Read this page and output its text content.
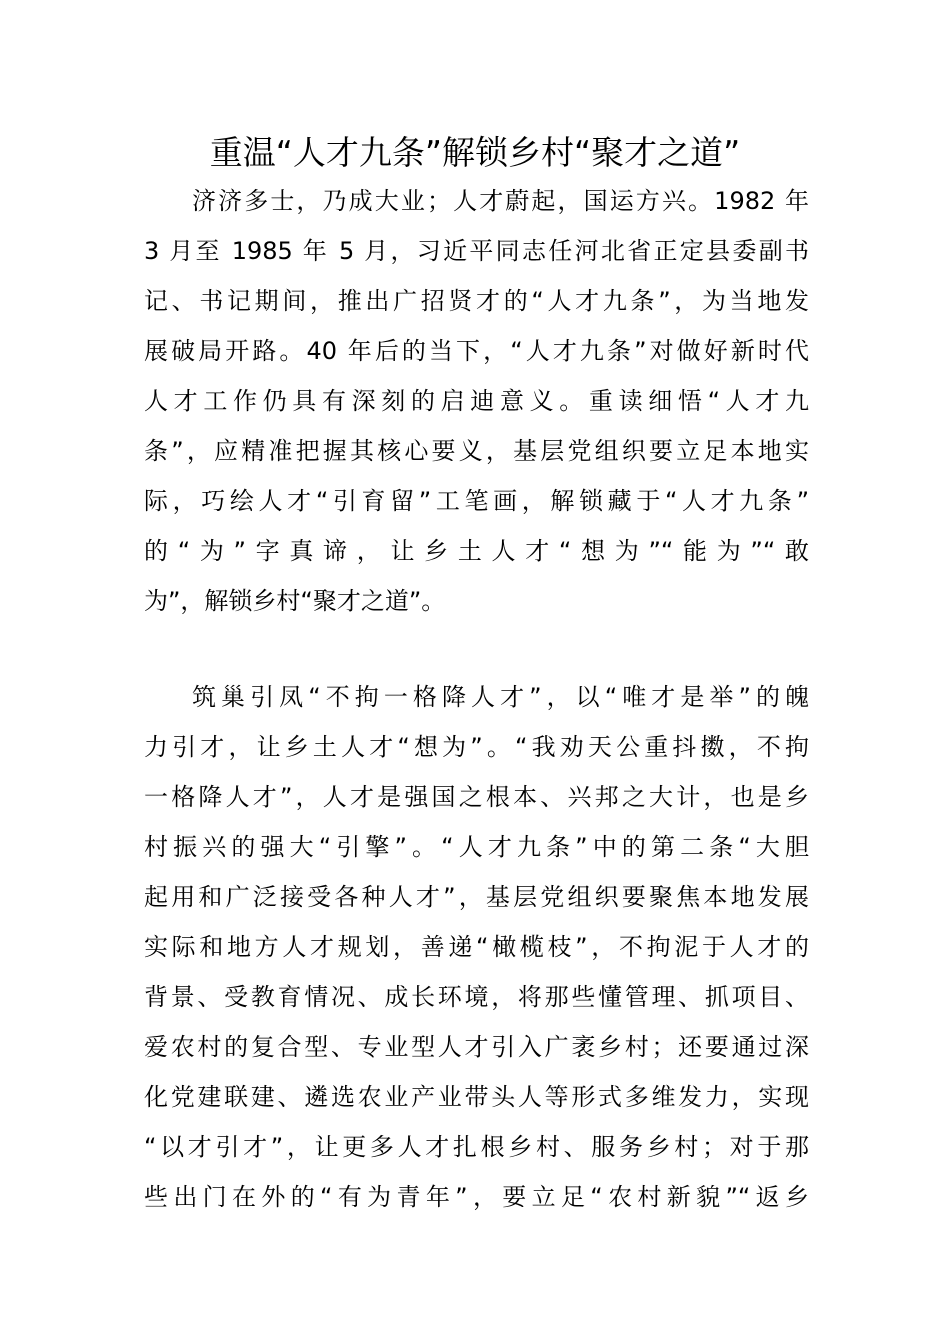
重温“人才九条”解锁乡村“聚才之道”
济济多士，乃成大业；人才蔚起，国运方兴。1982 年
3 月至 1985 年 5 月，习近平同志任河北省正定县委副书
记、书记期间，推出广招贤才的“人才九条”，为当地发
展破局开路。40 年后的当下，“人才九条”对做好新时代
人才工作仍具有深刻的启迪意义。重读细悟“人才九
条”，应精准把握其核心要义，基层党组织要立足本地实
际，巧绘人才“引育留”工笔画，解锁藏于“人才九条”
的“为”字真谛，让乡土人才“想为”“能为”“敢
为”，解锁乡村“聚才之道”。
筑巢引凤“不拘一格降人才”，以“唯才是举”的魄
力引才，让乡土人才“想为”。“我劝天公重抖擞，不拘
一格降人才”，人才是强国之根本、兴邦之大计，也是乡
村振兴的强大“引擎”。“人才九条”中的第二条“大胆
起用和广泛接受各种人才”，基层党组织要聚焦本地发展
实际和地方人才规划，善递“橄榄枝”，不拘泥于人才的
背景、受教育情况、成长环境，将那些懂管理、抓项目、
爱农村的复合型、专业型人才引入广袤乡村；还要通过深
化党建联建、遴选农业产业带头人等形式多维发力，实现
“以才引才”，让更多人才扎根乡村、服务乡村；对于那
些出门在外的“有为青年”，要立足“农村新貌”“返乡
